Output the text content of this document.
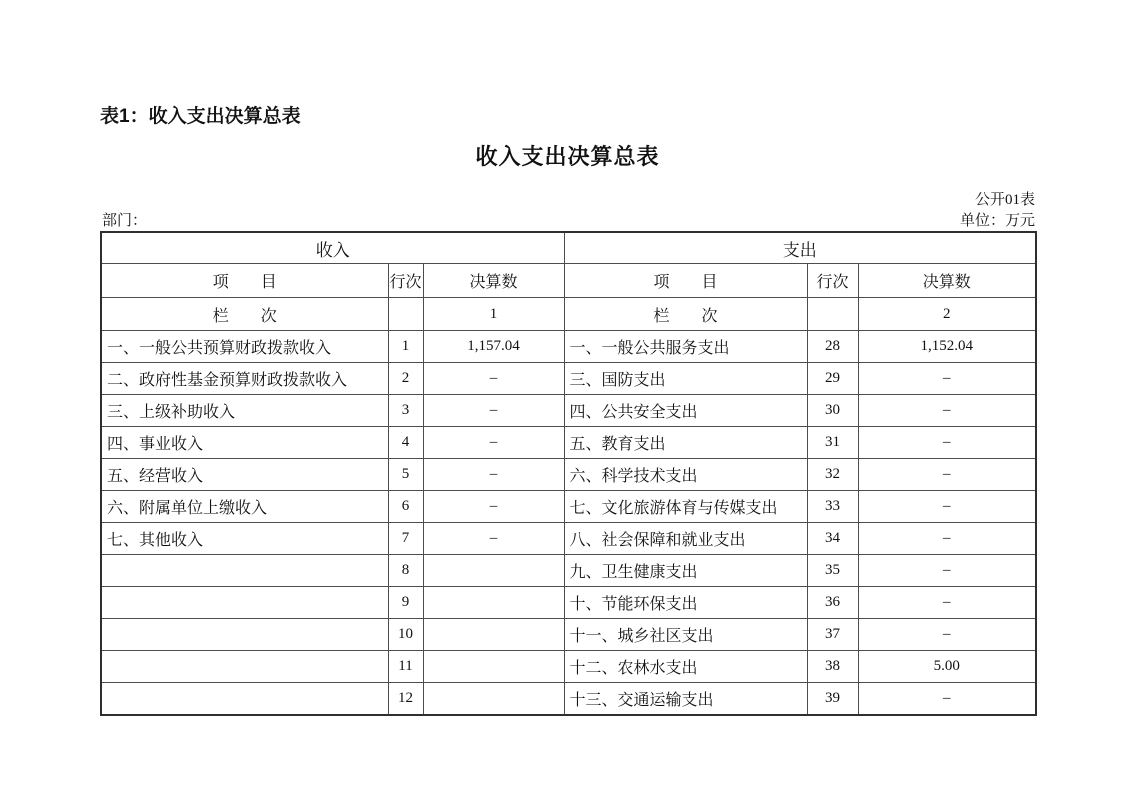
表1：收入支出决算总表
收入支出决算总表
公开01表
部门：	单位：万元
收入			支出		
项　　目	行次	决算数	项　　目	行次	决算数
栏　　次		1	栏　　次		2
一、一般公共预算财政拨款收入	1	1,157.04	一、一般公共服务支出	28	1,152.04
二、政府性基金预算财政拨款收入	2	–	三、国防支出	29	–
三、上级补助收入	3	–	四、公共安全支出	30	–
四、事业收入	4	–	五、教育支出	31	–
五、经营收入	5	–	六、科学技术支出	32	–
六、附属单位上缴收入	6	–	七、文化旅游体育与传媒支出	33	–
七、其他收入	7	–	八、社会保障和就业支出	34	–
	8		九、卫生健康支出	35	–
	9		十、节能环保支出	36	–
	10		十一、城乡社区支出	37	–
	11		十二、农林水支出	38	5.00
	12		十三、交通运输支出	39	–
